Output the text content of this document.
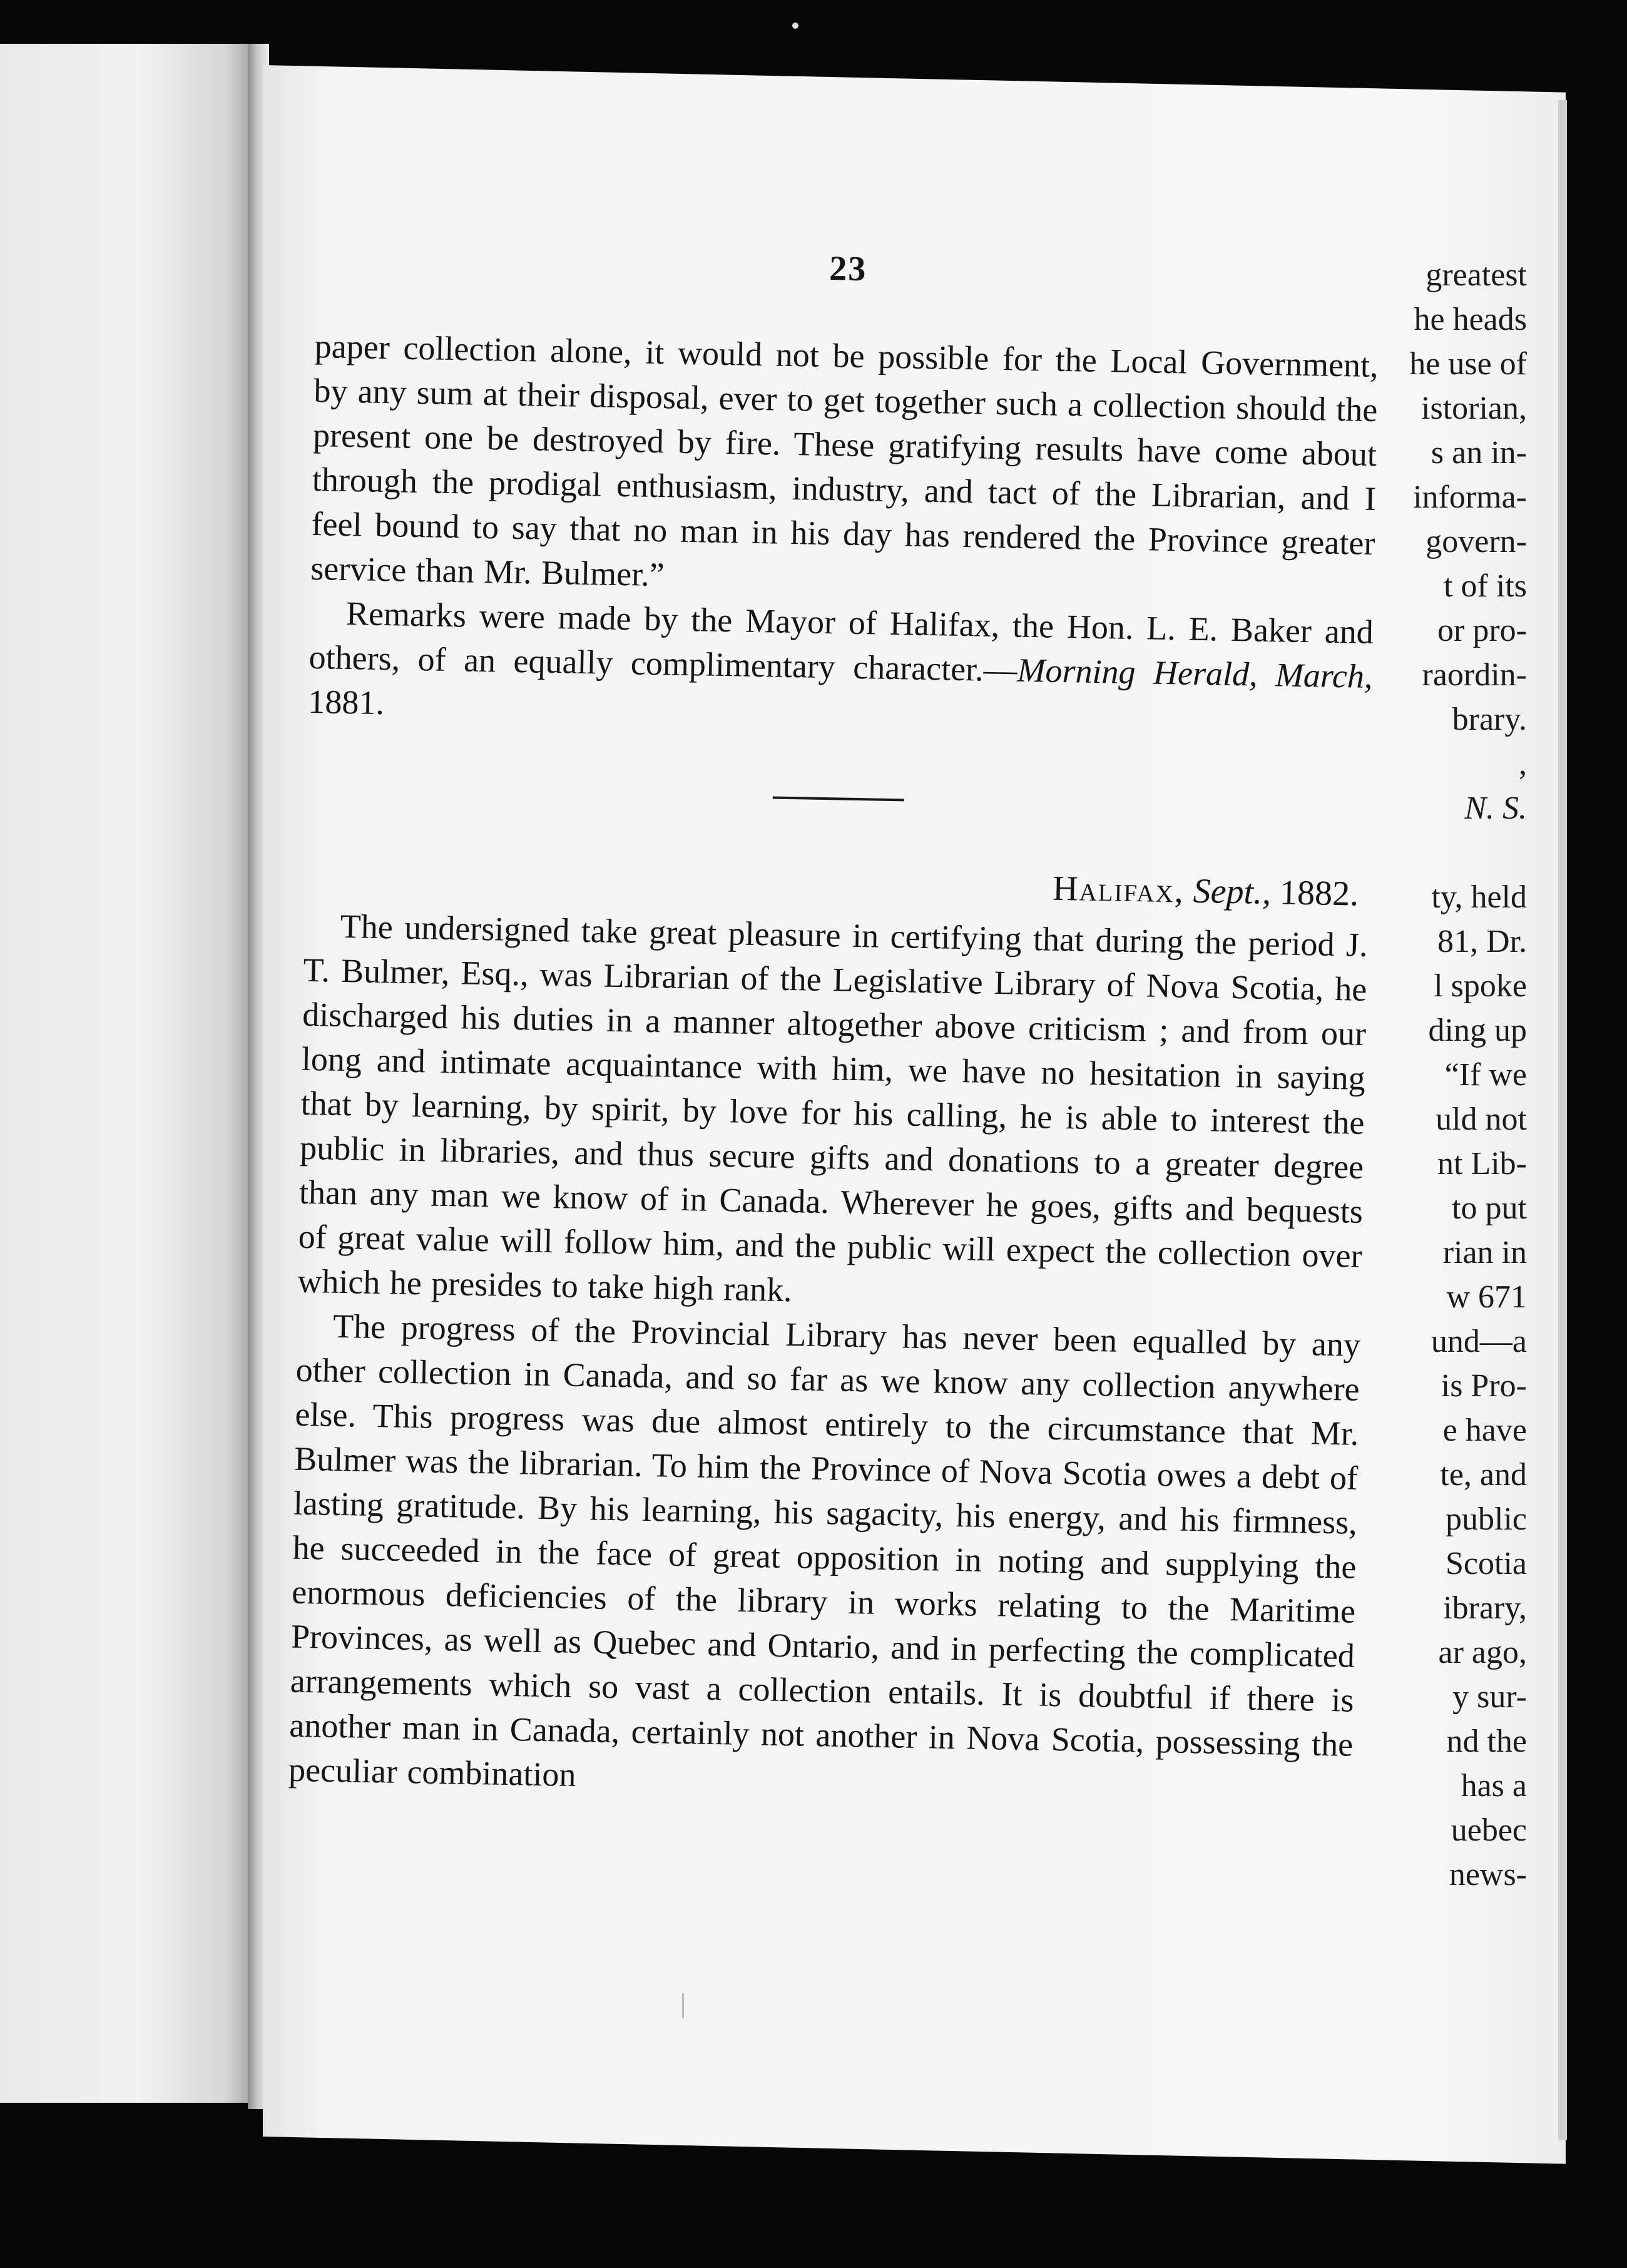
greatest
he heads
he use of
istorian,
s an in-
informa-
govern-
t of its
or pro-
raordin-
brary.
,
N. S.
ty, held
81, Dr.
l spoke
ding up
“If we
uld not
nt Lib-
to put
rian in
w 671
und—a
is Pro-
e have
te, and
public
Scotia
ibrary,
ar ago,
y sur-
nd the
has a
uebec
news-
23

paper collection alone, it would not be possible for the Local Government, by any sum at their disposal, ever to get together such a collection should the present one be destroyed by fire. These gratifying results have come about through the prodigal enthusiasm, industry, and tact of the Librarian, and I feel bound to say that no man in his day has rendered the Province greater service than Mr. Bulmer.”

Remarks were made by the Mayor of Halifax, the Hon. L. E. Baker and others, of an equally complimentary character.—Morning Herald, March, 1881.

Halifax, Sept., 1882.

The undersigned take great pleasure in certifying that during the period J. T. Bulmer, Esq., was Librarian of the Legislative Library of Nova Scotia, he discharged his duties in a manner altogether above criticism ; and from our long and intimate acquaintance with him, we have no hesitation in saying that by learning, by spirit, by love for his calling, he is able to interest the public in libraries, and thus secure gifts and donations to a greater degree than any man we know of in Canada. Wherever he goes, gifts and bequests of great value will follow him, and the public will expect the collection over which he presides to take high rank.

The progress of the Provincial Library has never been equalled by any other collection in Canada, and so far as we know any collection anywhere else. This progress was due almost entirely to the circumstance that Mr. Bulmer was the librarian. To him the Province of Nova Scotia owes a debt of lasting gratitude. By his learning, his sagacity, his energy, and his firmness, he succeeded in the face of great opposition in noting and supplying the enormous deficiencies of the library in works relating to the Maritime Provinces, as well as Quebec and Ontario, and in perfecting the complicated arrangements which so vast a collection entails. It is doubtful if there is another man in Canada, certainly not another in Nova Scotia, possessing the peculiar combination
